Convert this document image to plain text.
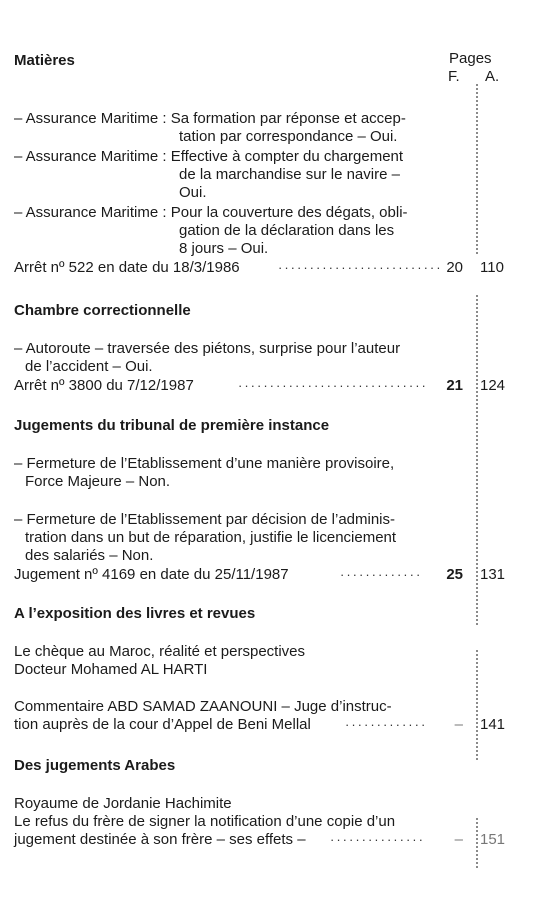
Matières	Pages
F. A.
– Assurance Maritime : Sa formation par réponse et accep-
tation par correspondance – Oui.
– Assurance Maritime : Effective à compter du chargement
de la marchandise sur le navire –
Oui.
– Assurance Maritime : Pour la couverture des dégats, obli-
gation de la déclaration dans les
8 jours – Oui.
Arrêt nº 522 en date du 18/3/1986	·························· 20 110
Chambre correctionnelle
– Autoroute – traversée des piétons, surprise pour l’auteur
de l’accident – Oui.
Arrêt nº 3800 du 7/12/1987	······························ 21 124
Jugements du tribunal de première instance
– Fermeture de l’Etablissement d’une manière provisoire,
Force Majeure – Non.
– Fermeture de l’Etablissement par décision de l’adminis-
tration dans un but de réparation, justifie le licenciement
des salariés – Non.
Jugement nº 4169 en date du 25/11/1987	············· 25 131
A l’exposition des livres et revues
Le chèque au Maroc, réalité et perspectives
Docteur Mohamed AL HARTI
Commentaire ABD SAMAD ZAANOUNI – Juge d’instruc-
tion auprès de la cour d’Appel de Beni Mellal	············· – 141
Des jugements Arabes
Royaume de Jordanie Hachimite
Le refus du frère de signer la notification d’une copie d’un
jugement destinée à son frère – ses effets – ··············· – 151
